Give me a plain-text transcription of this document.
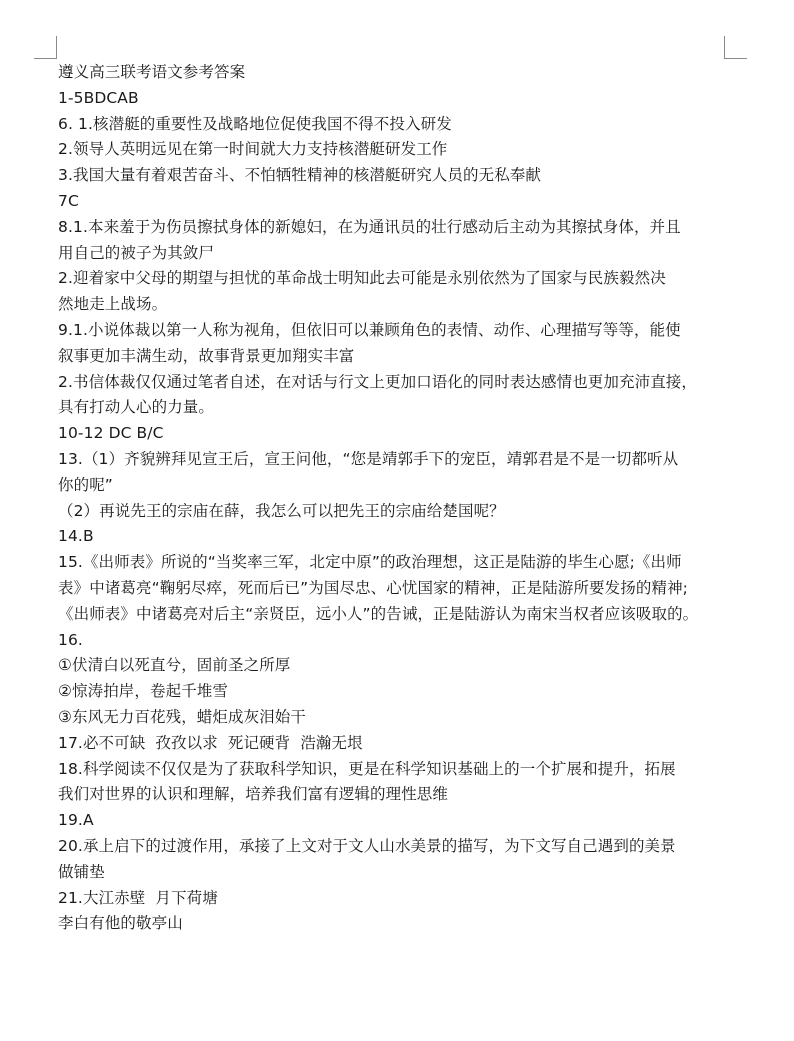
遵义高三联考语文参考答案
1-5BDCAB
6. 1.核潜艇的重要性及战略地位促使我国不得不投入研发
2.领导人英明远见在第一时间就大力支持核潜艇研发工作
3.我国大量有着艰苦奋斗、不怕牺牲精神的核潜艇研究人员的无私奉献
7C
8.1.本来羞于为伤员擦拭身体的新媳妇，在为通讯员的壮行感动后主动为其擦拭身体，并且
用自己的被子为其敛尸
2.迎着家中父母的期望与担忧的革命战士明知此去可能是永别依然为了国家与民族毅然决
然地走上战场。
9.1.小说体裁以第一人称为视角，但依旧可以兼顾角色的表情、动作、心理描写等等，能使
叙事更加丰满生动，故事背景更加翔实丰富
2.书信体裁仅仅通过笔者自述，在对话与行文上更加口语化的同时表达感情也更加充沛直接，
具有打动人心的力量。
10-12 DC B/C
13.（1）齐貌辨拜见宣王后，宣王问他，“您是靖郭手下的宠臣，靖郭君是不是一切都听从
你的呢”
（2）再说先王的宗庙在薛，我怎么可以把先王的宗庙给楚国呢？
14.B
15.《出师表》所说的“当奖率三军，北定中原”的政治理想，这正是陆游的毕生心愿;《出师
表》中诸葛亮“鞠躬尽瘁，死而后已”为国尽忠、心忧国家的精神，正是陆游所要发扬的精神;
《出师表》中诸葛亮对后主“亲贤臣，远小人”的告诫，正是陆游认为南宋当权者应该吸取的。
16.
①伏清白以死直兮，固前圣之所厚
②惊涛拍岸，卷起千堆雪
③东风无力百花残，蜡炬成灰泪始干
17.必不可缺  孜孜以求  死记硬背  浩瀚无垠
18.科学阅读不仅仅是为了获取科学知识，更是在科学知识基础上的一个扩展和提升，拓展
我们对世界的认识和理解，培养我们富有逻辑的理性思维
19.A
20.承上启下的过渡作用，承接了上文对于文人山水美景的描写，为下文写自己遇到的美景
做铺垫
21.大江赤壁  月下荷塘
李白有他的敬亭山
